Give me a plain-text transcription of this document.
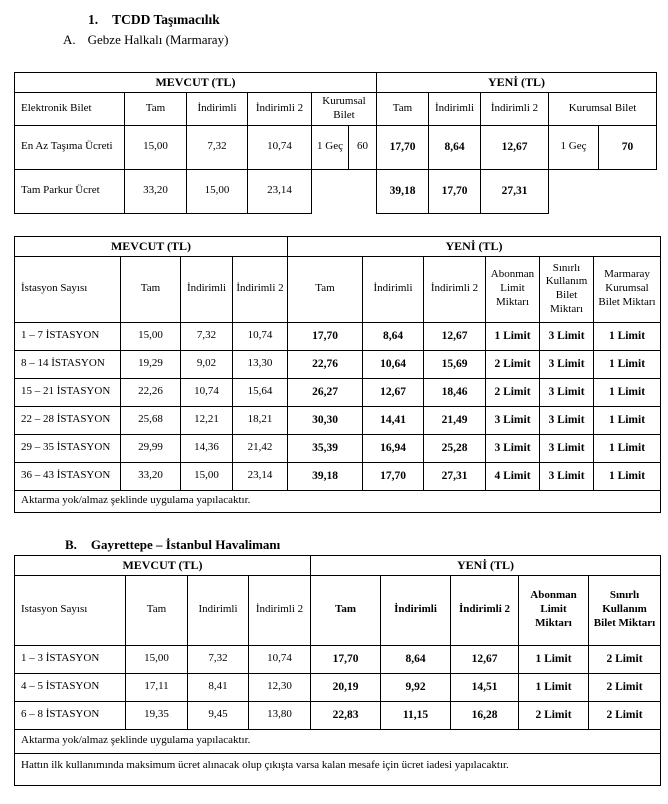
1. TCDD Taşımacılık
A. Gebze Halkalı (Marmaray)
MEVCUT (TL)						YENİ (TL)				
Elektronik Bilet	Tam	İndirimli	İndirimli 2	Kurumsal Bilet		Tam	İndirimli	İndirimli 2	Kurumsal Bilet	
En Az Taşıma Ücreti	15,00	7,32	10,74	1 Geç	60	17,70	8,64	12,67	1 Geç	70
Tam Parkur Ücret	33,20	15,00	23,14			39,18	17,70	27,31		
MEVCUT (TL)				YENİ (TL)					
İstasyon Sayısı	Tam	İndirimli	İndirimli 2	Tam	İndirimli	İndirimli 2	Abonman Limit Miktarı	Sınırlı Kullanım Bilet Miktarı	Marmaray Kurumsal Bilet Miktarı
1 – 7 İSTASYON	15,00	7,32	10,74	17,70	8,64	12,67	1 Limit	3 Limit	1 Limit
8 – 14 İSTASYON	19,29	9,02	13,30	22,76	10,64	15,69	2 Limit	3 Limit	1 Limit
15 – 21 İSTASYON	22,26	10,74	15,64	26,27	12,67	18,46	2 Limit	3 Limit	1 Limit
22 – 28 İSTASYON	25,68	12,21	18,21	30,30	14,41	21,49	3 Limit	3 Limit	1 Limit
29 – 35 İSTASYON	29,99	14,36	21,42	35,39	16,94	25,28	3 Limit	3 Limit	1 Limit
36 – 43 İSTASYON	33,20	15,00	23,14	39,18	17,70	27,31	4 Limit	3 Limit	1 Limit
Aktarma yok/almaz şeklinde uygulama yapılacaktır.									
B. Gayrettepe – İstanbul Havalimanı
MEVCUT (TL)				YENİ (TL)				
Istasyon Sayısı	Tam	Indirimli	İndirimli 2	Tam	İndirimli	İndirimli 2	Abonman Limit Miktarı	Sınırlı Kullanım Bilet Miktarı
1 – 3 İSTASYON	15,00	7,32	10,74	17,70	8,64	12,67	1 Limit	2 Limit
4 – 5 İSTASYON	17,11	8,41	12,30	20,19	9,92	14,51	1 Limit	2 Limit
6 – 8 İSTASYON	19,35	9,45	13,80	22,83	11,15	16,28	2 Limit	2 Limit
Aktarma yok/almaz şeklinde uygulama yapılacaktır.								
Hattın ilk kullanımında maksimum ücret alınacak olup çıkışta varsa kalan mesafe için ücret iadesi yapılacaktır.								
